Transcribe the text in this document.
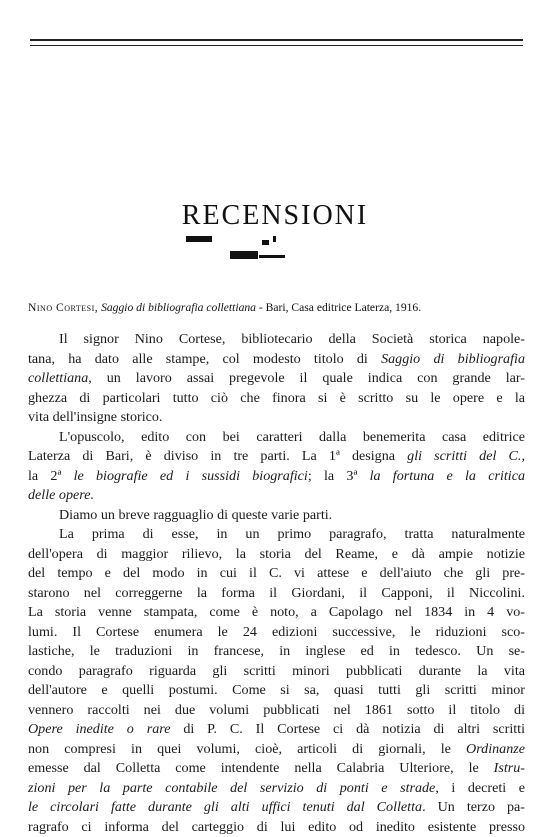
RECENSIONI
Nino Cortesi, Saggio di bibliografia collettiana - Bari, Casa editrice Laterza, 1916.
Il signor Nino Cortese, bibliotecario della Società storica napole-
tana, ha dato alle stampe, col modesto titolo di Saggio di bibliografia
collettiana, un lavoro assai pregevole il quale indica con grande lar-
ghezza di particolari tutto ciò che finora si è scritto su le opere e la
vita dell'insigne storico.
L'opuscolo, edito con bei caratteri dalla benemerita casa editrice
Laterza di Bari, è diviso in tre parti. La 1ª designa gli scritti del C.,
la 2ª le biografie ed i sussidi biografici; la 3ª la fortuna e la critica
delle opere.
Diamo un breve ragguaglio di queste varie parti.
La prima di esse, in un primo paragrafo, tratta naturalmente
dell'opera di maggior rilievo, la storia del Reame, e dà ampie notizie
del tempo e del modo in cui il C. vi attese e dell'aiuto che gli pre-
starono nel correggerne la forma il Giordani, il Capponi, il Niccolini.
La storia venne stampata, come è noto, a Capolago nel 1834 in 4 vo-
lumi. Il Cortese enumera le 24 edizioni successive, le riduzioni sco-
lastiche, le traduzioni in francese, in inglese ed in tedesco. Un se-
condo paragrafo riguarda gli scritti minori pubblicati durante la vita
dell'autore e quelli postumi. Come si sa, quasi tutti gli scritti minor
vennero raccolti nei due volumi pubblicati nel 1861 sotto il titolo di
Opere inedite o rare di P. C. Il Cortese ci dà notizia di altri scritti
non compresi in quei volumi, cioè, articoli di giornali, le Ordinanze
emesse dal Colletta come intendente nella Calabria Ulteriore, le Istru-
zioni per la parte contabile del servizio di ponti e strade, i decreti e
le circolari fatte durante gli alti uffici tenuti dal Colletta. Un terzo pa-
ragrafo ci informa del carteggio di lui edito od inedito esistente presso
